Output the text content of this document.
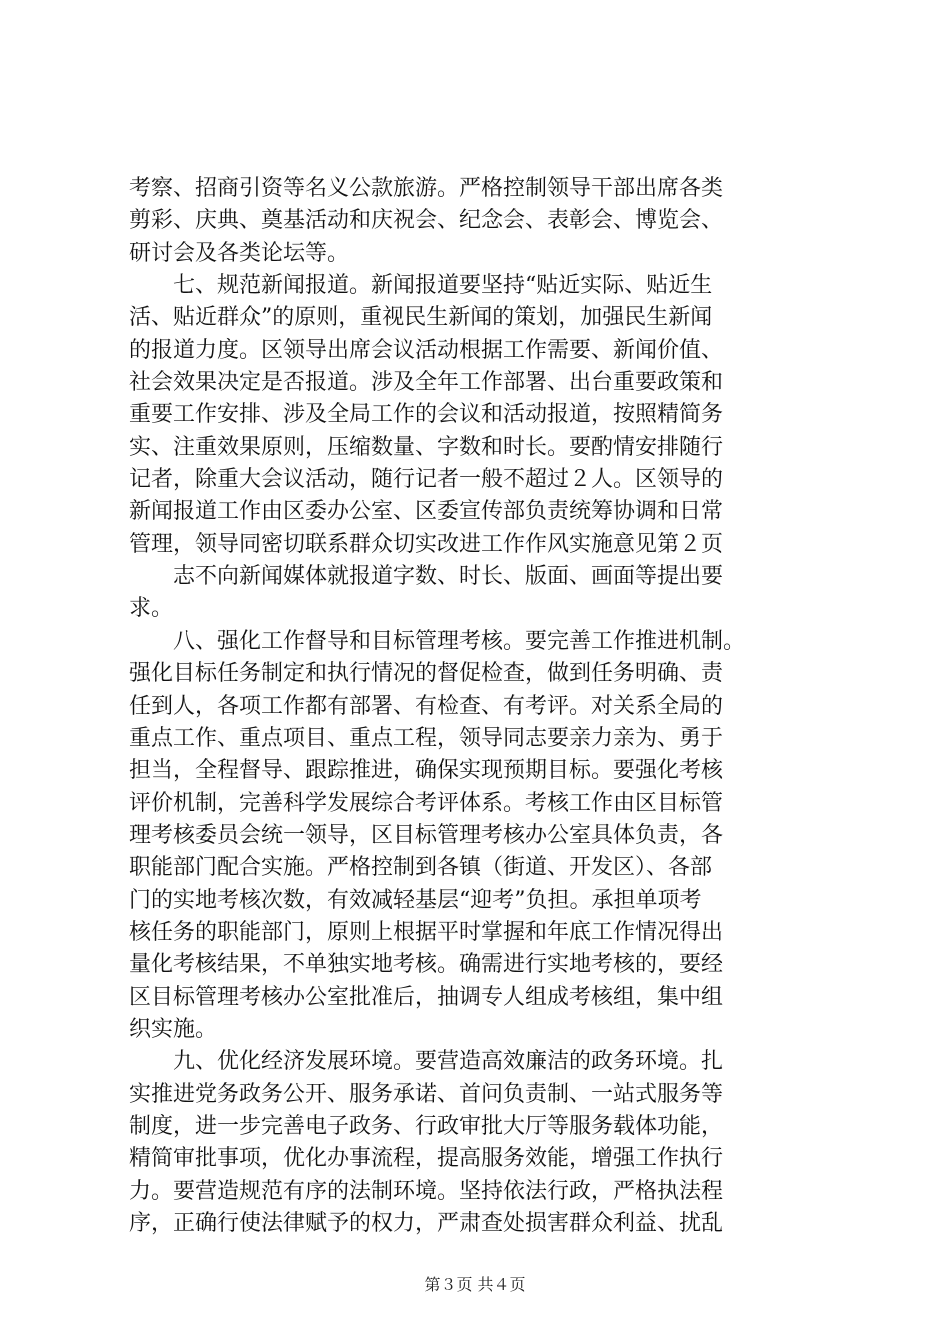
考察、招商引资等名义公款旅游。严格控制领导干部出席各类
剪彩、庆典、奠基活动和庆祝会、纪念会、表彰会、博览会、
研讨会及各类论坛等。
七、规范新闻报道。新闻报道要坚持“贴近实际、贴近生
活、贴近群众”的原则，重视民生新闻的策划，加强民生新闻
的报道力度。区领导出席会议活动根据工作需要、新闻价值、
社会效果决定是否报道。涉及全年工作部署、出台重要政策和
重要工作安排、涉及全局工作的会议和活动报道，按照精简务
实、注重效果原则，压缩数量、字数和时长。要酌情安排随行
记者，除重大会议活动，随行记者一般不超过２人。区领导的
新闻报道工作由区委办公室、区委宣传部负责统筹协调和日常
管理，领导同密切联系群众切实改进工作作风实施意见第２页
志不向新闻媒体就报道字数、时长、版面、画面等提出要
求。
八、强化工作督导和目标管理考核。要完善工作推进机制。
强化目标任务制定和执行情况的督促检查，做到任务明确、责
任到人，各项工作都有部署、有检查、有考评。对关系全局的
重点工作、重点项目、重点工程，领导同志要亲力亲为、勇于
担当，全程督导、跟踪推进，确保实现预期目标。要强化考核
评价机制，完善科学发展综合考评体系。考核工作由区目标管
理考核委员会统一领导，区目标管理考核办公室具体负责，各
职能部门配合实施。严格控制到各镇（街道、开发区）、各部
门的实地考核次数，有效减轻基层“迎考”负担。承担单项考
核任务的职能部门，原则上根据平时掌握和年底工作情况得出
量化考核结果，不单独实地考核。确需进行实地考核的，要经
区目标管理考核办公室批准后，抽调专人组成考核组，集中组
织实施。
九、优化经济发展环境。要营造高效廉洁的政务环境。扎
实推进党务政务公开、服务承诺、首问负责制、一站式服务等
制度，进一步完善电子政务、行政审批大厅等服务载体功能，
精简审批事项，优化办事流程，提高服务效能，增强工作执行
力。要营造规范有序的法制环境。坚持依法行政，严格执法程
序，正确行使法律赋予的权力，严肃查处损害群众利益、扰乱
第３页 共４页
